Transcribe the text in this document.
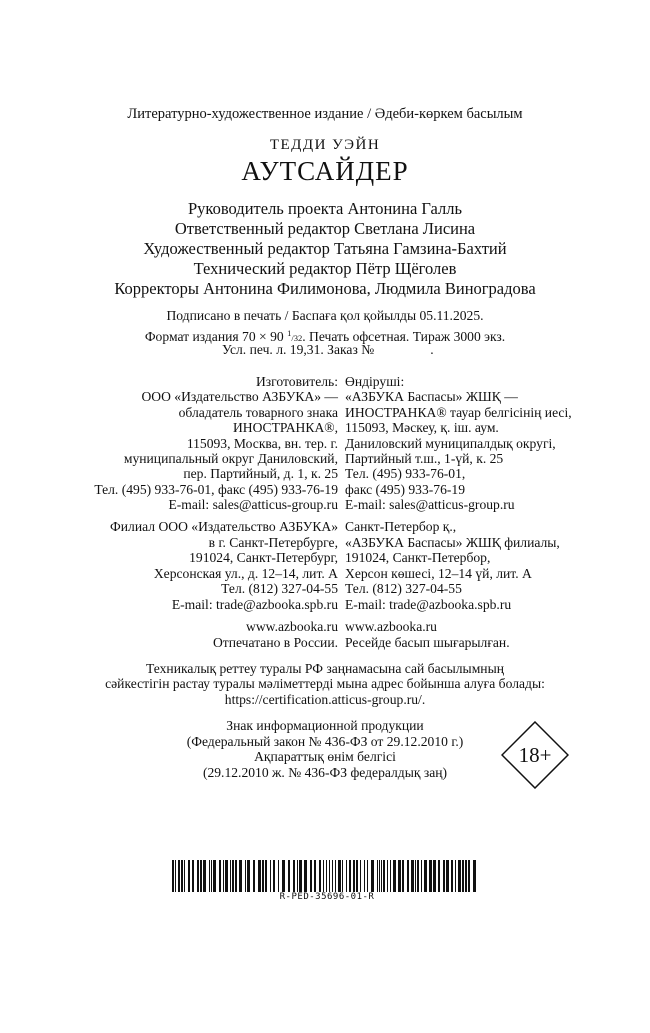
Литературно-художественное издание / Әдеби-көркем басылым
ТЕДДИ УЭЙН
АУТСАЙДЕР
Руководитель проекта Антонина Галль
Ответственный редактор Светлана Лисина
Художественный редактор Татьяна Гамзина-Бахтий
Технический редактор Пётр Щёголев
Корректоры Антонина Филимонова, Людмила Виноградова
Подписано в печать / Баспаға қол қойылды 05.11.2025.
Формат издания 70 × 90 $^1$/32. Печать офсетная. Тираж 3000 экз.
Усл. печ. л. 19,31. Заказ №	.
Изготовитель:
ООО «Издательство АЗБУКА» —
обладатель товарного знака
ИНОСТРАНКА®,
115093, Москва, вн. тер. г.
муниципальный округ Даниловский,
пер. Партийный, д. 1, к. 25
Тел. (495) 933-76-01, факс (495) 933-76-19
E-mail: sales@atticus-group.ru
Өндіруші:
«АЗБУКА Баспасы» ЖШҚ —
ИНОСТРАНКА® тауар белгісінің иесі,
115093, Мәскеу, қ. іш. аум.
Даниловский муниципалдық округі,
Партийный т.ш., 1-үй, к. 25
Тел. (495) 933-76-01,
факс (495) 933-76-19
E-mail: sales@atticus-group.ru
Филиал ООО «Издательство АЗБУКА»
в г. Санкт-Петербурге,
191024, Санкт-Петербург,
Херсонская ул., д. 12–14, лит. А
Тел. (812) 327-04-55
E-mail: trade@azbooka.spb.ru
Санкт-Петербор қ.,
«АЗБУКА Баспасы» ЖШҚ филиалы,
191024, Санкт-Петербор,
Херсон көшесі, 12–14 үй, лит. А
Тел. (812) 327-04-55
E-mail: trade@azbooka.spb.ru
www.azbooka.ru
Отпечатано в России.
www.azbooka.ru
Ресейде басып шығарылған.
Техникалық реттеу туралы РФ заңнамасына сай басылымның
сәйкестігін растау туралы мәліметтерді мына адрес бойынша алуға болады:
https://certification.atticus-group.ru/.
Знак информационной продукции
(Федеральный закон № 436-ФЗ от 29.12.2010 г.)
Ақпараттық өнім белгісі
(29.12.2010 ж. № 436-ФЗ федералдық заң)
18+
R-PED-35696-01-R
